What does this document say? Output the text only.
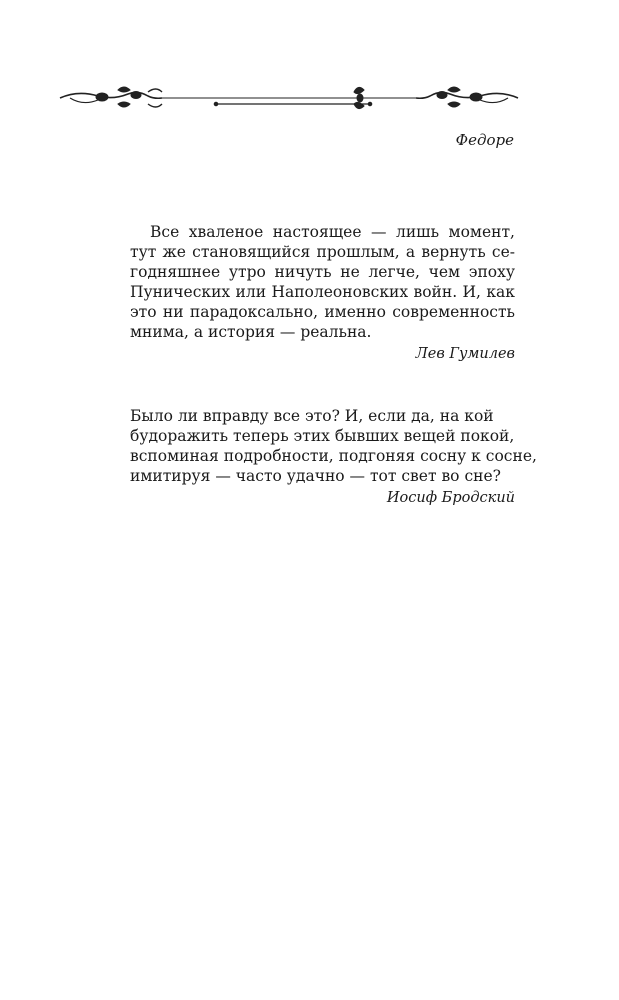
Федоре
Все хваленое настоящее — лишь момент,
тут же становящийся прошлым, а вернуть се-
годняшнее утро ничуть не легче, чем эпоху
Пунических или Наполеоновских войн. И, как
это ни парадоксально, именно современность
мнима, а история — реальна.
Лев Гумилев
Было ли вправду все это? И, если да, на кой
будоражить теперь этих бывших вещей покой,
вспоминая подробности, подгоняя сосну к сосне,
имитируя — часто удачно — тот свет во сне?
Иосиф Бродский
